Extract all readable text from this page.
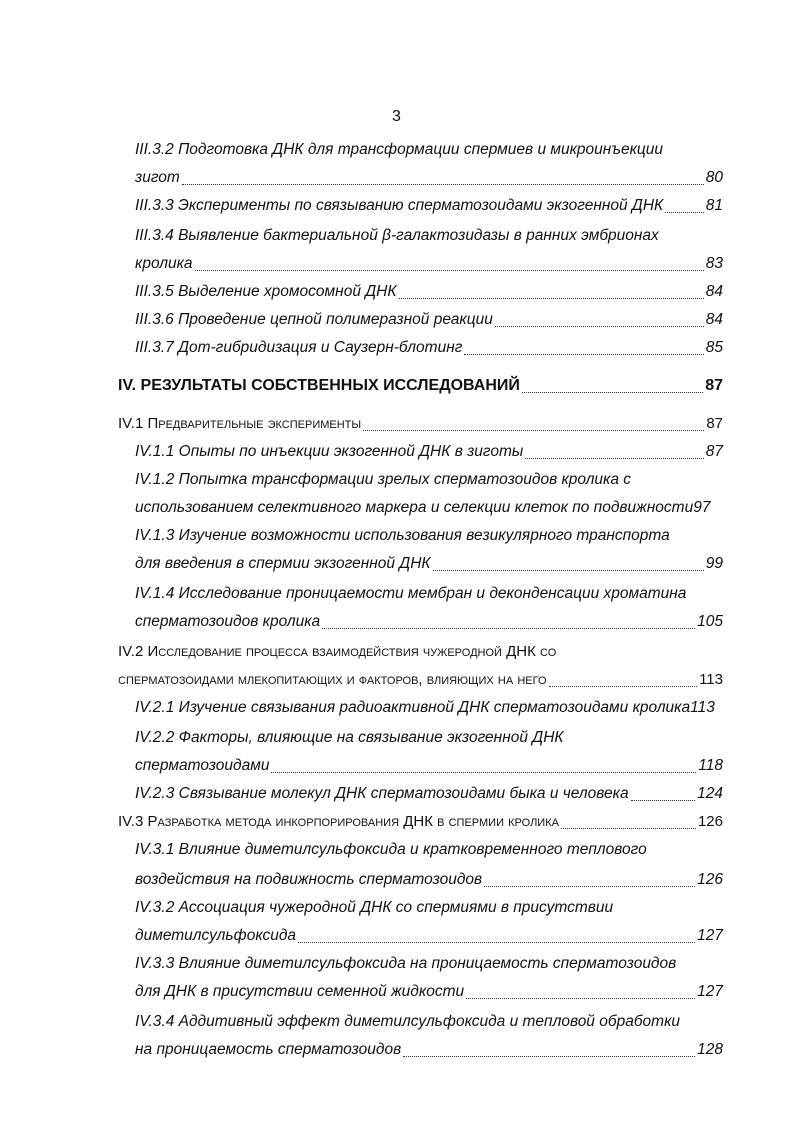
3
III.3.2 Подготовка ДНК для трансформации спермиев и микроинъекции
зигот	80
III.3.3 Эксперименты по связыванию сперматозоидами экзогенной ДНК	81
III.3.4 Выявление бактериальной β-галактозидазы в ранних эмбрионах
кролика	83
III.3.5 Выделение хромосомной ДНК	84
III.3.6 Проведение цепной полимеразной реакции	84
III.3.7 Дот-гибридизация и Саузерн-блотинг	85
IV. РЕЗУЛЬТАТЫ СОБСТВЕННЫХ ИССЛЕДОВАНИЙ	87
IV.1 Предварительные эксперименты	87
IV.1.1 Опыты по инъекции экзогенной ДНК в зиготы	87
IV.1.2 Попытка трансформации зрелых сперматозоидов кролика с
использованием селективного маркера и селекции клеток по подвижности 97
IV.1.3 Изучение возможности использования везикулярного транспорта
для введения в спермии экзогенной ДНК	99
IV.1.4 Исследование проницаемости мембран и деконденсации хроматина
сперматозоидов кролика	105
IV.2 Исследование процесса взаимодействия чужеродной ДНК со
сперматозоидами млекопитающих и факторов, влияющих на него	113
IV.2.1 Изучение связывания радиоактивной ДНК сперматозоидами кролика 113
IV.2.2 Факторы, влияющие на связывание экзогенной ДНК
сперматозоидами	118
IV.2.3 Связывание молекул ДНК сперматозоидами быка и человека	124
IV.3 Разработка метода инкорпорирования ДНК в спермии кролика	126
IV.3.1 Влияние диметилсульфоксида и кратковременного теплового
воздействия на подвижность сперматозоидов	126
IV.3.2 Ассоциация чужеродной ДНК со спермиями в присутствии
диметилсульфоксида	127
IV.3.3 Влияние диметилсульфоксида на проницаемость сперматозоидов
для ДНК в присутствии семенной жидкости	127
IV.3.4 Аддитивный эффект диметилсульфоксида и тепловой обработки
на проницаемость сперматозоидов	128
